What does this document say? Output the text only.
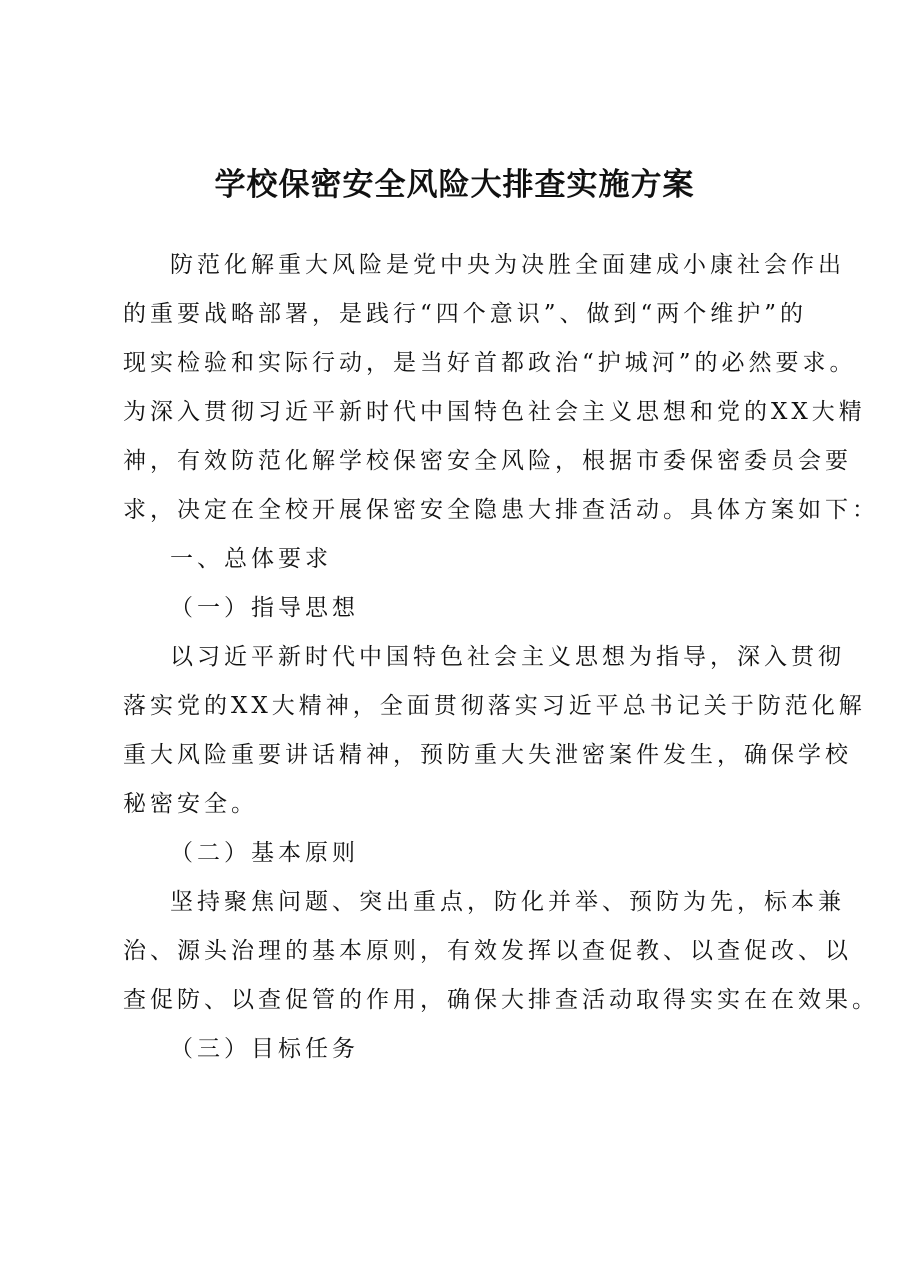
学校保密安全风险大排查实施方案
防范化解重大风险是党中央为决胜全面建成小康社会作出
的重要战略部署，是践行“四个意识”、做到“两个维护”的
现实检验和实际行动，是当好首都政治“护城河”的必然要求。
为深入贯彻习近平新时代中国特色社会主义思想和党的XX大精
神，有效防范化解学校保密安全风险，根据市委保密委员会要
求，决定在全校开展保密安全隐患大排查活动。具体方案如下：
一、总体要求
（一）指导思想
以习近平新时代中国特色社会主义思想为指导，深入贯彻
落实党的XX大精神，全面贯彻落实习近平总书记关于防范化解
重大风险重要讲话精神，预防重大失泄密案件发生，确保学校
秘密安全。
（二）基本原则
坚持聚焦问题、突出重点，防化并举、预防为先，标本兼
治、源头治理的基本原则，有效发挥以查促教、以查促改、以
查促防、以查促管的作用，确保大排查活动取得实实在在效果。
（三）目标任务
